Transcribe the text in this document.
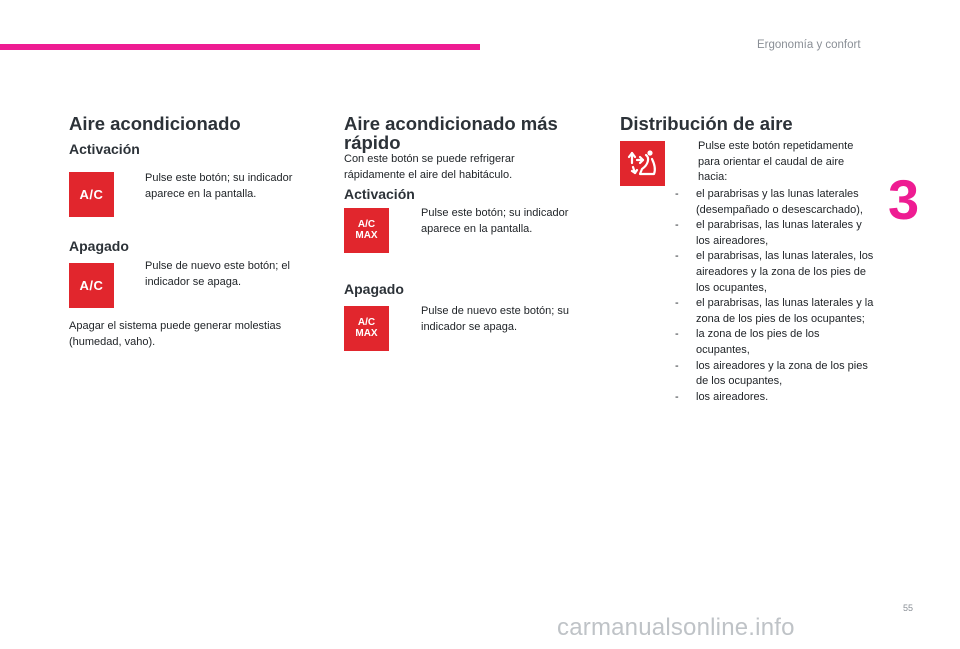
Ergonomía y confort
3
Aire acondicionado
Activación
A/C
Pulse este botón; su indicador aparece en la pantalla.
Apagado
A/C
Pulse de nuevo este botón; el indicador se apaga.

Apagar el sistema puede generar molestias (humedad, vaho).

Aire acondicionado más
rápido

Con este botón se puede refrigerar rápidamente el aire del habitáculo.

Activación
A/C
MAX
Pulse este botón; su indicador aparece en la pantalla.
Apagado
A/C
MAX
Pulse de nuevo este botón; su indicador se apaga.
Distribución de aire
Pulse este botón repetidamente para orientar el caudal de aire hacia:
- el parabrisas y las lunas laterales (desempañado o desescarchado),
- el parabrisas, las lunas laterales y los aireadores,
- el parabrisas, las lunas laterales, los aireadores y la zona de los pies de los ocupantes,
- el parabrisas, las lunas laterales y la zona de los pies de los ocupantes;
- la zona de los pies de los ocupantes,
- los aireadores y la zona de los pies de los ocupantes,
- los aireadores.
55
carmanualsonline.info
